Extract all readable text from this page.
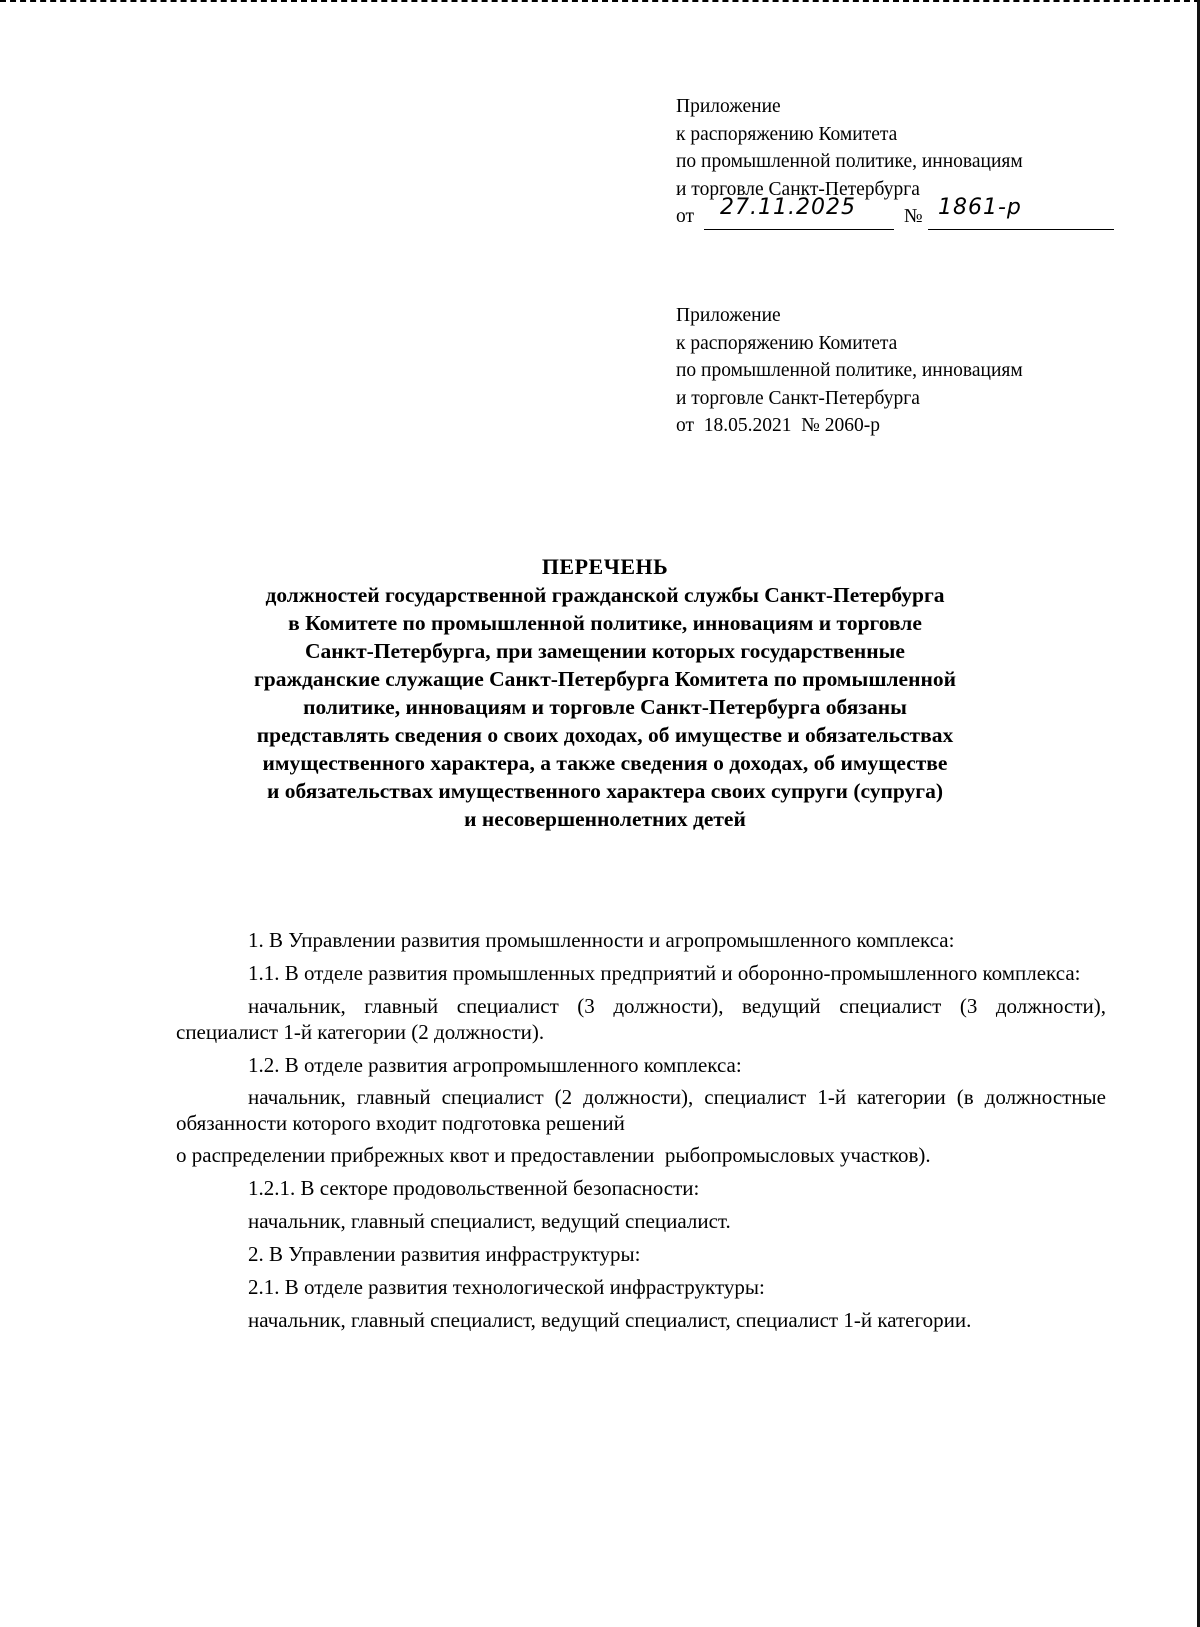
Приложение
к распоряжению Комитета
по промышленной политике, инновациям
и торговле Санкт-Петербурга
от 27.11.2025 № 1861-р
Приложение
к распоряжению Комитета
по промышленной политике, инновациям
и торговле Санкт-Петербурга
от  18.05.2021  № 2060-р
ПЕРЕЧЕНЬ
должностей государственной гражданской службы Санкт-Петербурга
в Комитете по промышленной политике, инновациям и торговле
Санкт-Петербурга, при замещении которых государственные
гражданские служащие Санкт-Петербурга Комитета по промышленной
политике, инновациям и торговле Санкт-Петербурга обязаны
представлять сведения о своих доходах, об имуществе и обязательствах
имущественного характера, а также сведения о доходах, об имуществе
и обязательствах имущественного характера своих супруги (супруга)
и несовершеннолетних детей

1. В Управлении развития промышленности и агропромышленного комплекса:

1.1. В отделе развития промышленных предприятий и оборонно-промышленного комплекса:

начальник, главный специалист (3 должности), ведущий специалист (3 должности), специалист 1-й категории (2 должности).

1.2. В отделе развития агропромышленного комплекса:

начальник, главный специалист (2 должности), специалист 1-й категории (в должностные обязанности которого входит подготовка решений

о распределении прибрежных квот и предоставлении  рыбопромысловых участков).

1.2.1. В секторе продовольственной безопасности:

начальник, главный специалист, ведущий специалист.

2. В Управлении развития инфраструктуры:

2.1. В отделе развития технологической инфраструктуры:

начальник, главный специалист, ведущий специалист, специалист 1-й категории.
